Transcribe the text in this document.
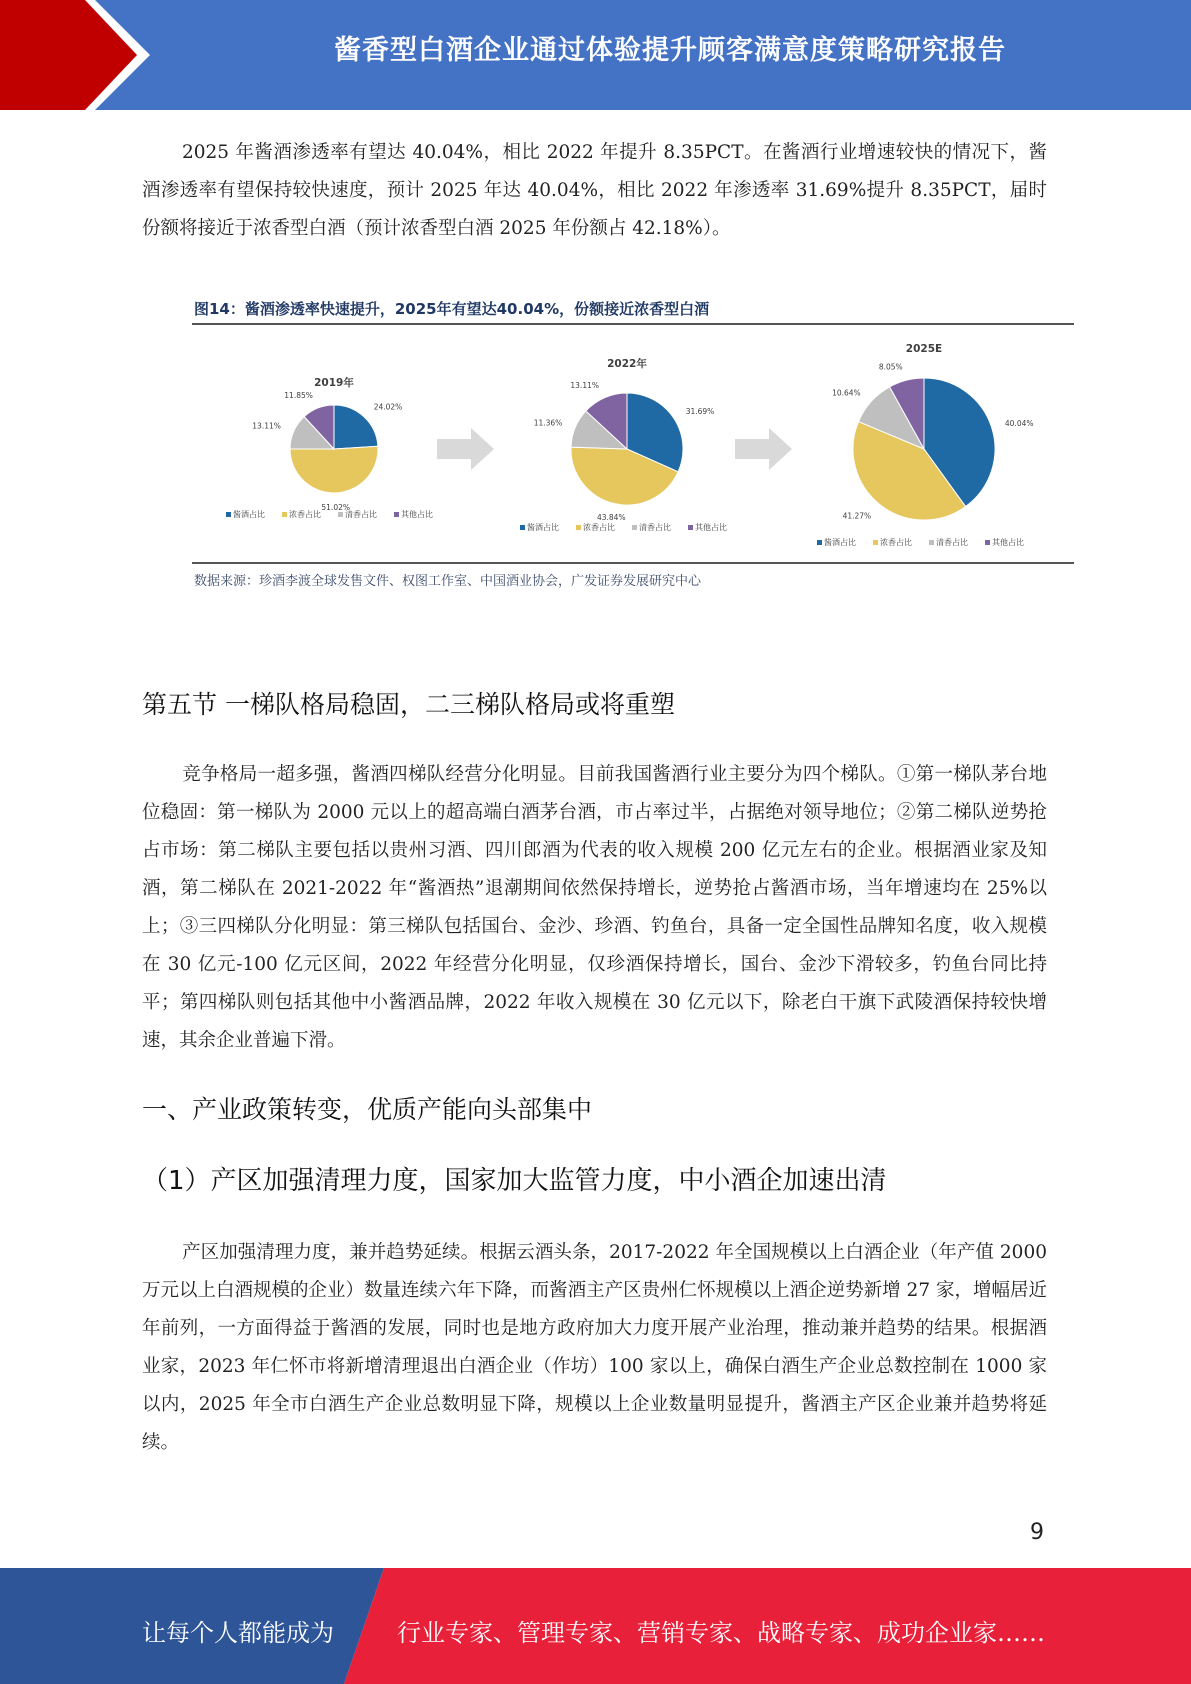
酱香型白酒企业通过体验提升顾客满意度策略研究报告
2025 年酱酒渗透率有望达 40.04%，相比 2022 年提升 8.35PCT。在酱酒行业增速较快的情况下，酱酒渗透率有望保持较快速度，预计 2025 年达 40.04%，相比 2022 年渗透率 31.69%提升 8.35PCT，届时份额将接近于浓香型白酒（预计浓香型白酒 2025 年份额占 42.18%）。
图14：酱酒渗透率快速提升，2025年有望达40.04%，份额接近浓香型白酒
2019年
24.02%
51.02%
13.11%
11.85%
酱酒占比	浓香占比	清香占比	其他占比
2022年
31.69%
43.84%
11.36%
13.11%
酱酒占比	浓香占比	清香占比	其他占比
2025E
40.04%
41.27%
10.64%
8.05%
酱酒占比	浓香占比	清香占比	其他占比
数据来源：珍酒李渡全球发售文件、权图工作室、中国酒业协会，广发证券发展研究中心
第五节 一梯队格局稳固，二三梯队格局或将重塑
竞争格局一超多强，酱酒四梯队经营分化明显。目前我国酱酒行业主要分为四个梯队。①第一梯队茅台地位稳固：第一梯队为 2000 元以上的超高端白酒茅台酒，市占率过半，占据绝对领导地位；②第二梯队逆势抢占市场：第二梯队主要包括以贵州习酒、四川郎酒为代表的收入规模 200 亿元左右的企业。根据酒业家及知酒，第二梯队在 2021-2022 年“酱酒热”退潮期间依然保持增长，逆势抢占酱酒市场，当年增速均在 25%以上；③三四梯队分化明显：第三梯队包括国台、金沙、珍酒、钓鱼台，具备一定全国性品牌知名度，收入规模在 30 亿元-100 亿元区间，2022 年经营分化明显，仅珍酒保持增长，国台、金沙下滑较多，钓鱼台同比持平；第四梯队则包括其他中小酱酒品牌，2022 年收入规模在 30 亿元以下，除老白干旗下武陵酒保持较快增速，其余企业普遍下滑。
一、产业政策转变，优质产能向头部集中
（1）产区加强清理力度，国家加大监管力度，中小酒企加速出清
产区加强清理力度，兼并趋势延续。根据云酒头条，2017-2022 年全国规模以上白酒企业（年产值 2000 万元以上白酒规模的企业）数量连续六年下降，而酱酒主产区贵州仁怀规模以上酒企逆势新增 27 家，增幅居近年前列，一方面得益于酱酒的发展，同时也是地方政府加大力度开展产业治理，推动兼并趋势的结果。根据酒业家，2023 年仁怀市将新增清理退出白酒企业（作坊）100 家以上，确保白酒生产企业总数控制在 1000 家以内，2025 年全市白酒生产企业总数明显下降，规模以上企业数量明显提升，酱酒主产区企业兼并趋势将延续。
9
让每个人都能成为	行业专家、管理专家、营销专家、战略专家、成功企业家……
